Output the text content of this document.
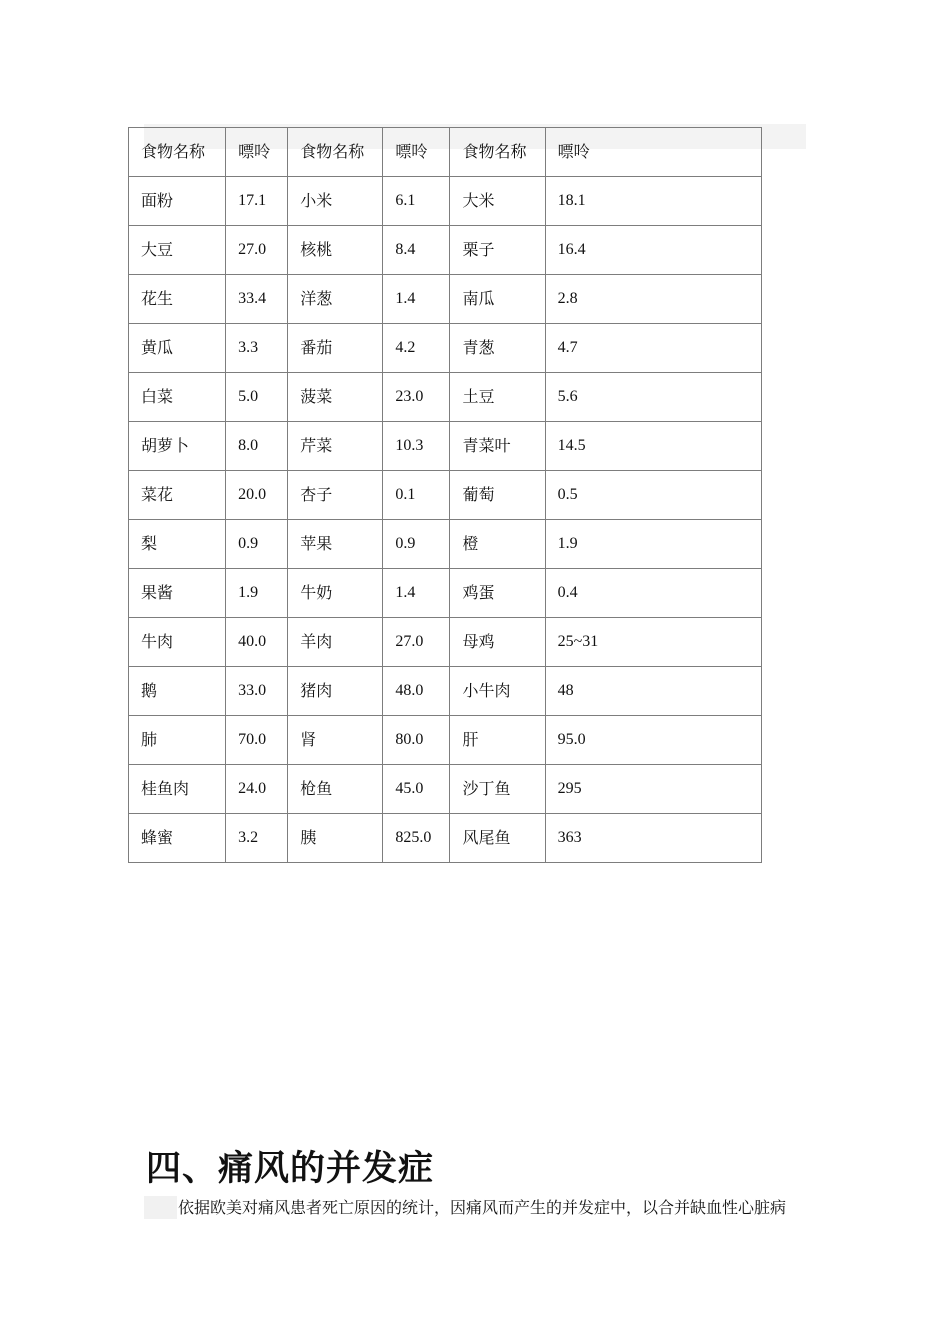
食物名称	嘌呤	食物名称	嘌呤	食物名称	嘌呤
面粉	17.1	小米	6.1	大米	18.1
大豆	27.0	核桃	8.4	栗子	16.4
花生	33.4	洋葱	1.4	南瓜	2.8
黄瓜	3.3	番茄	4.2	青葱	4.7
白菜	5.0	菠菜	23.0	土豆	5.6
胡萝卜	8.0	芹菜	10.3	青菜叶	14.5
菜花	20.0	杏子	0.1	葡萄	0.5
梨	0.9	苹果	0.9	橙	1.9
果酱	1.9	牛奶	1.4	鸡蛋	0.4
牛肉	40.0	羊肉	27.0	母鸡	25~31
鹅	33.0	猪肉	48.0	小牛肉	48
肺	70.0	肾	80.0	肝	95.0
桂鱼肉	24.0	枪鱼	45.0	沙丁鱼	295
蜂蜜	3.2	胰	825.0	风尾鱼	363
四、痛风的并发症

依据欧美对痛风患者死亡原因的统计，因痛风而产生的并发症中，以合并缺血性心脏病
